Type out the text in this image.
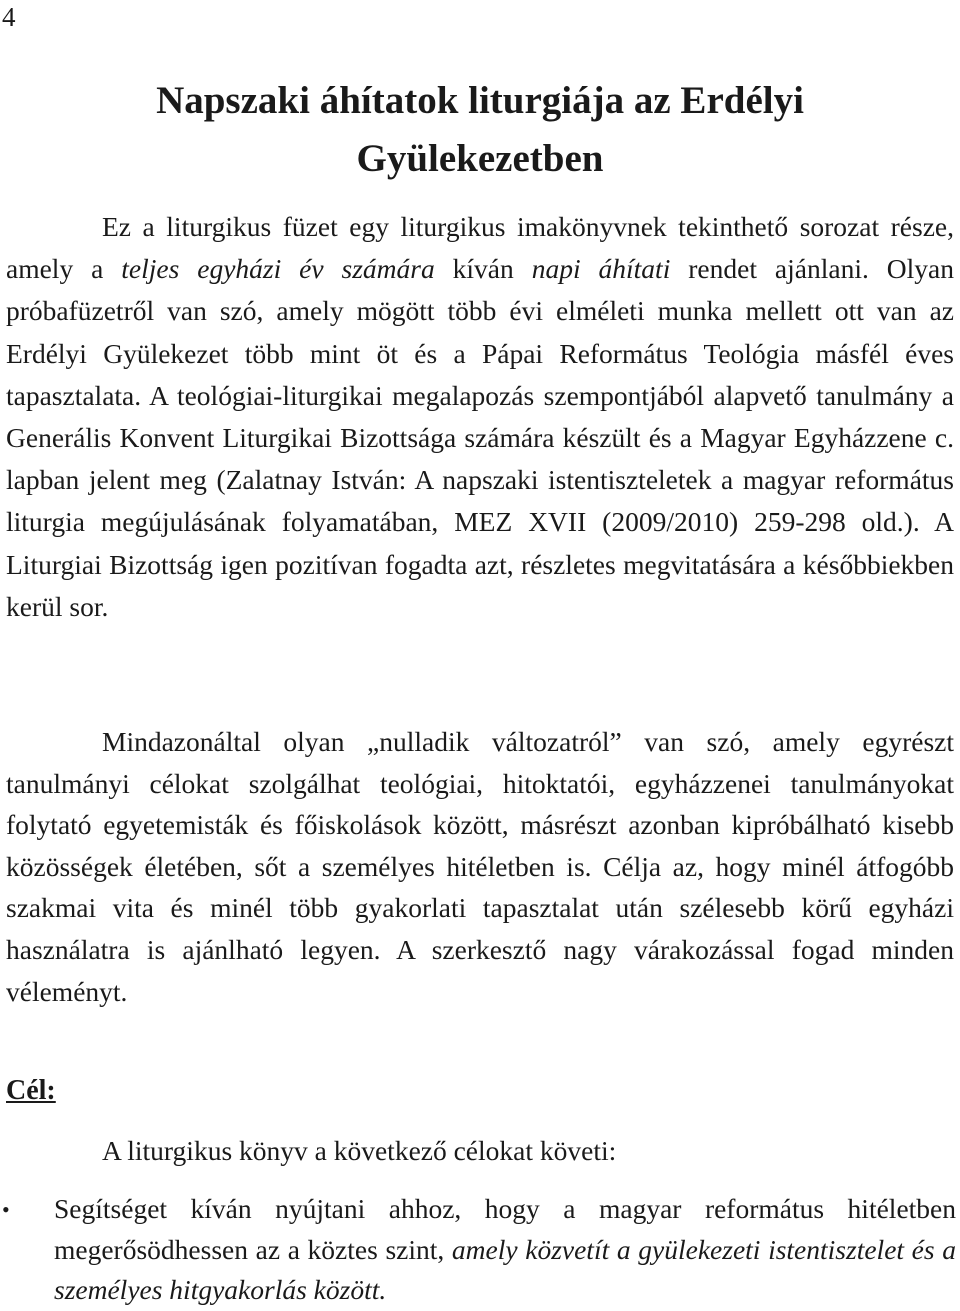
4
Napszaki áhítatok liturgiája az Erdélyi
Gyülekezetben

Ez a liturgikus füzet egy liturgikus imakönyvnek tekinthető sorozat része, amely a teljes egyházi év számára kíván napi áhítati rendet ajánlani. Olyan próbafüzetről van szó, amely mögött több évi elméleti munka mellett ott van az Erdélyi Gyülekezet több mint öt és a Pápai Református Teológia másfél éves tapasztalata. A teológiai-liturgikai megalapozás szempontjából alapvető tanulmány a Generális Konvent Liturgikai Bizottsága számára készült és a Magyar Egyházzene c. lapban jelent meg (Zalatnay István: A napszaki istentiszteletek a magyar református liturgia megújulásának folyamatában, MEZ XVII (2009/2010) 259-298 old.). A Liturgiai Bizottság igen pozitívan fogadta azt, részletes megvitatására a későbbiekben kerül sor.

Mindazonáltal olyan „nulladik változatról” van szó, amely egyrészt tanulmányi célokat szolgálhat teológiai, hitoktatói, egyházzenei tanulmányokat folytató egyetemisták és főiskolások között, másrészt azonban kipróbálható kisebb közösségek életében, sőt a személyes hitéletben is. Célja az, hogy minél átfogóbb szakmai vita és minél több gyakorlati tapasztalat után szélesebb körű egyházi használatra is ajánlható legyen. A szerkesztő nagy várakozással fogad minden véleményt.

Cél:
A liturgikus könyv a következő célokat követi:
•	Segítséget kíván nyújtani ahhoz, hogy a magyar református hitéletben megerősödhessen az a köztes szint, amely közvetít a gyülekezeti istentisztelet és a személyes hitgyakorlás között.
